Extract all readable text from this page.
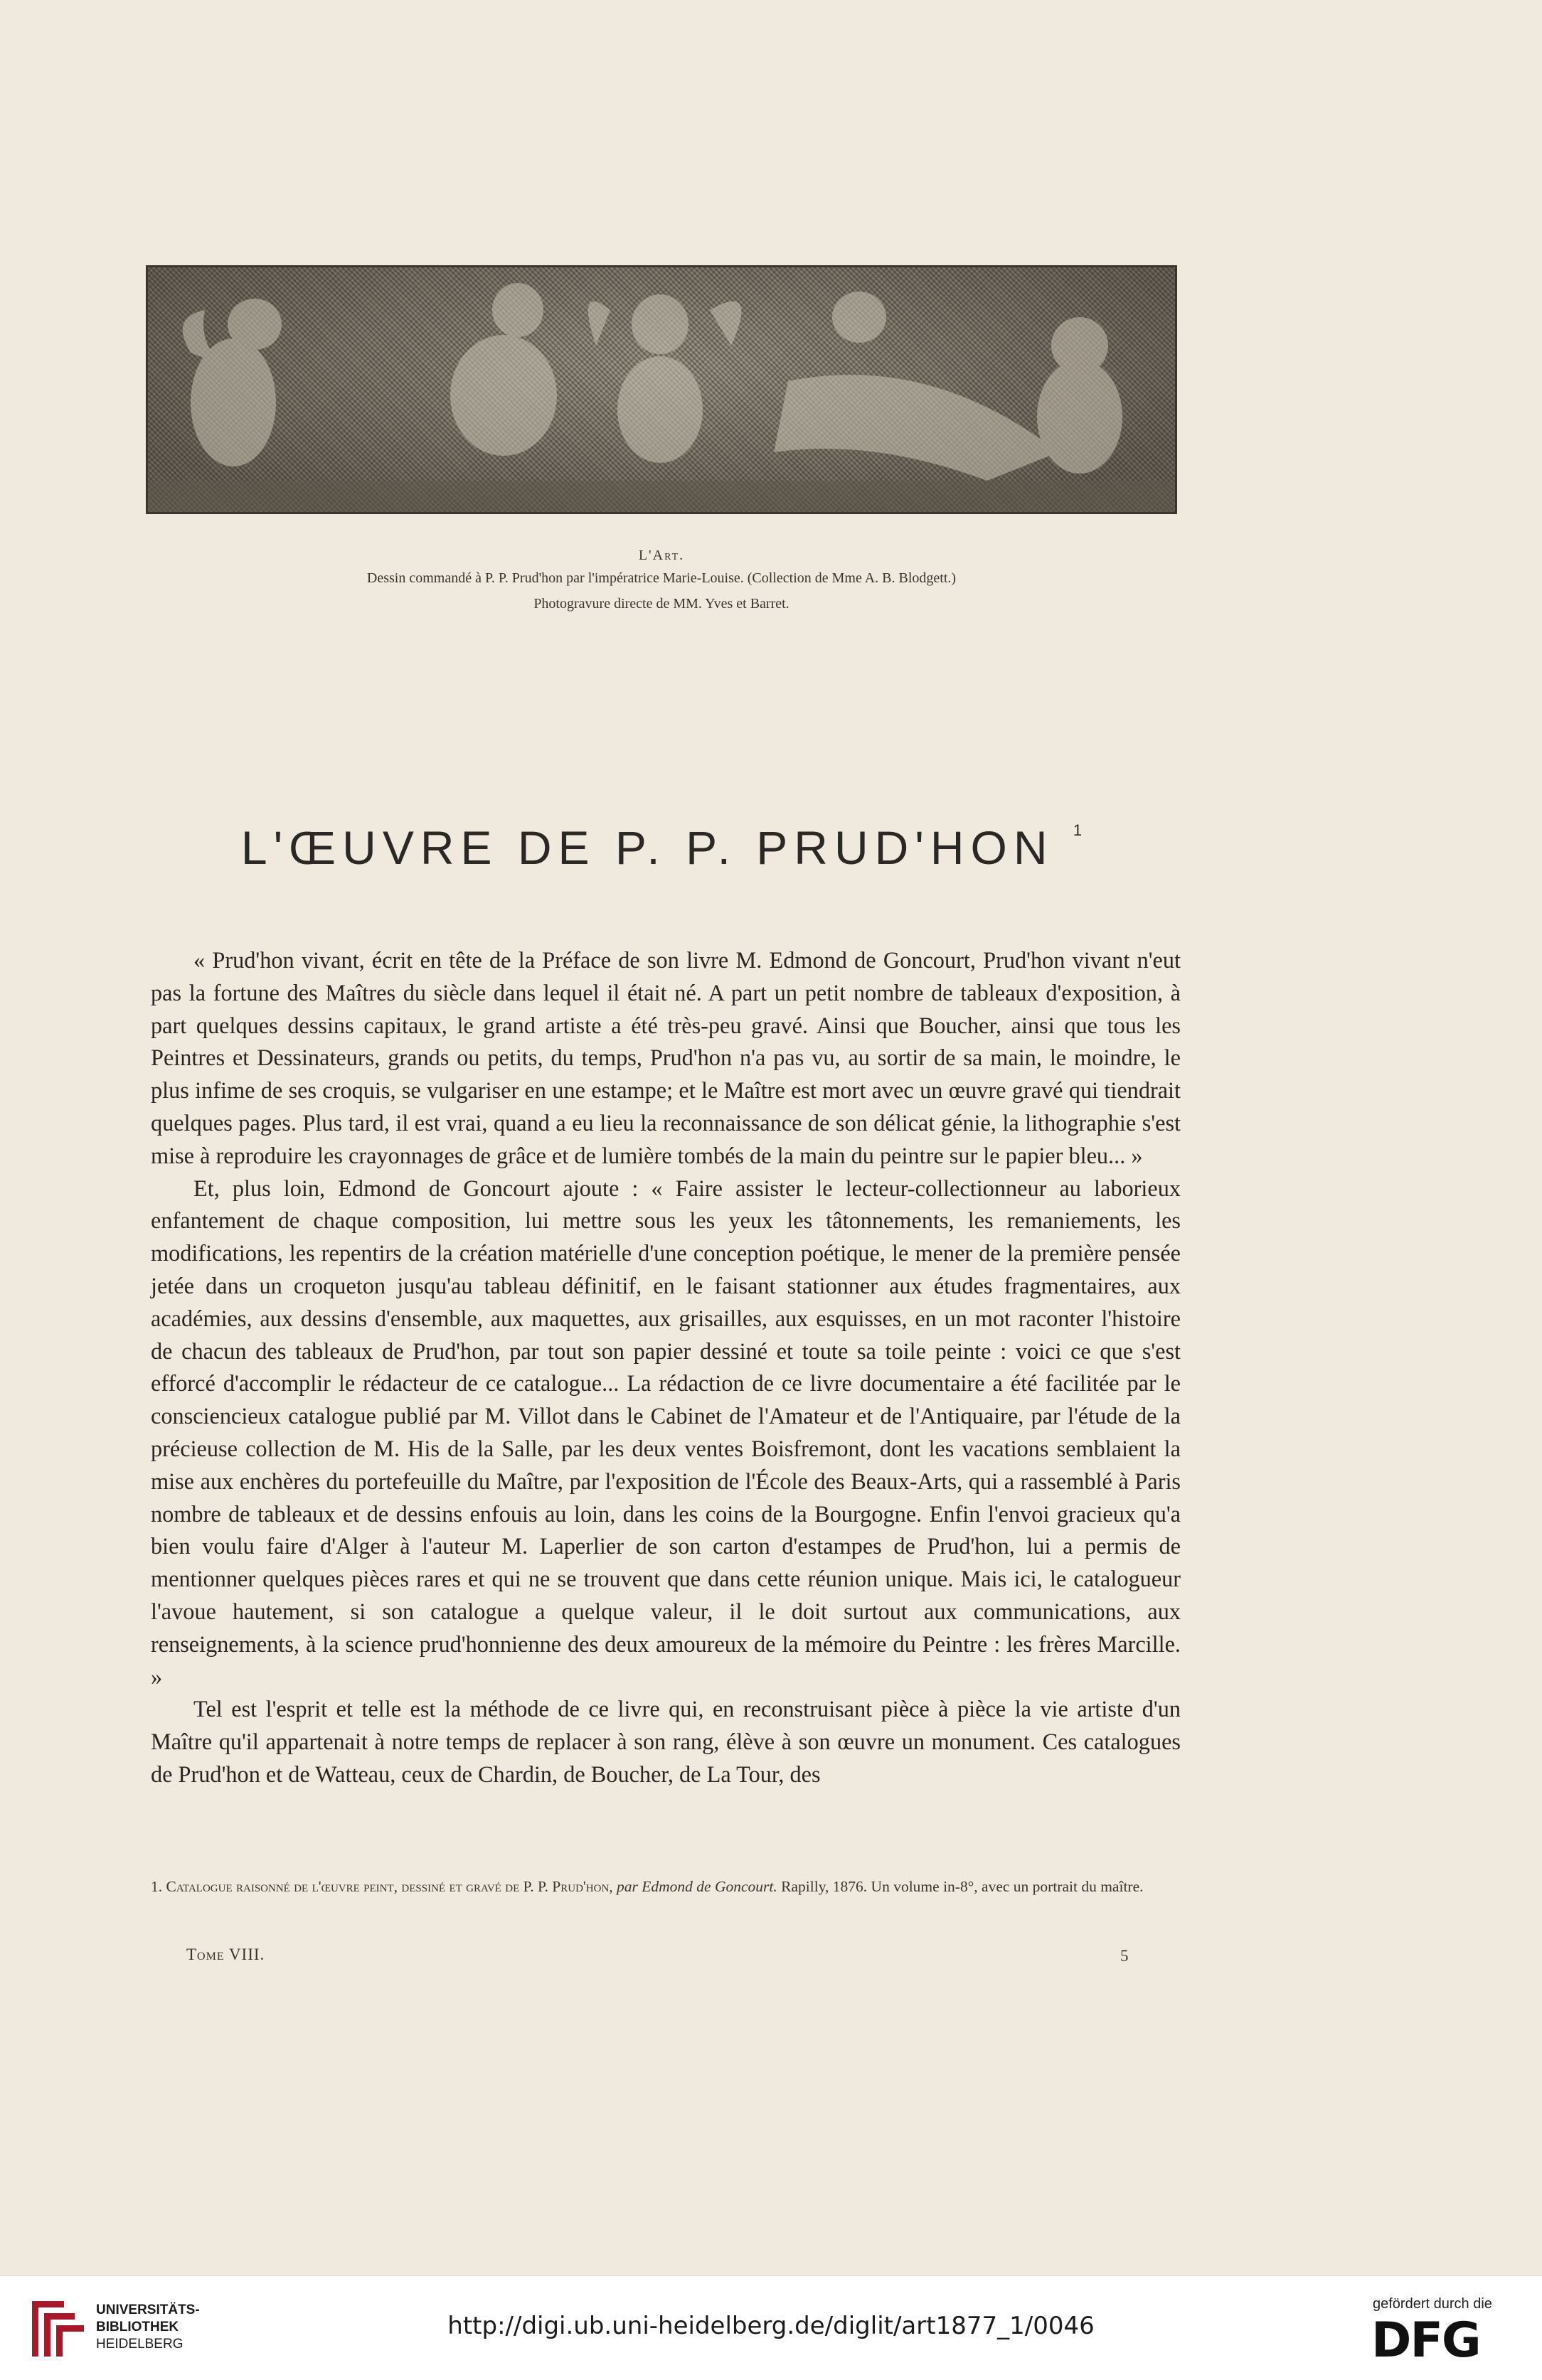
L'Art.
Dessin commandé à P. P. Prud'hon par l'impératrice Marie-Louise. (Collection de Mme A. B. Blodgett.)
Photogravure directe de MM. Yves et Barret.
L'ŒUVRE DE P. P. PRUD'HON $^1$

« Prud'hon vivant, écrit en tête de la Préface de son livre M. Edmond de Goncourt, Prud'hon vivant n'eut pas la fortune des Maîtres du siècle dans lequel il était né. A part un petit nombre de tableaux d'exposition, à part quelques dessins capitaux, le grand artiste a été très-peu gravé. Ainsi que Boucher, ainsi que tous les Peintres et Dessinateurs, grands ou petits, du temps, Prud'hon n'a pas vu, au sortir de sa main, le moindre, le plus infime de ses croquis, se vulgariser en une estampe; et le Maître est mort avec un œuvre gravé qui tiendrait quelques pages. Plus tard, il est vrai, quand a eu lieu la reconnaissance de son délicat génie, la lithographie s'est mise à reproduire les crayonnages de grâce et de lumière tombés de la main du peintre sur le papier bleu... »

Et, plus loin, Edmond de Goncourt ajoute : « Faire assister le lecteur-collectionneur au laborieux enfantement de chaque composition, lui mettre sous les yeux les tâtonnements, les remaniements, les modifications, les repentirs de la création matérielle d'une conception poétique, le mener de la première pensée jetée dans un croqueton jusqu'au tableau définitif, en le faisant stationner aux études fragmentaires, aux académies, aux dessins d'ensemble, aux maquettes, aux grisailles, aux esquisses, en un mot raconter l'histoire de chacun des tableaux de Prud'hon, par tout son papier dessiné et toute sa toile peinte : voici ce que s'est efforcé d'accomplir le rédacteur de ce catalogue... La rédaction de ce livre documentaire a été facilitée par le consciencieux catalogue publié par M. Villot dans le Cabinet de l'Amateur et de l'Antiquaire, par l'étude de la précieuse collection de M. His de la Salle, par les deux ventes Boisfremont, dont les vacations semblaient la mise aux enchères du portefeuille du Maître, par l'exposition de l'École des Beaux-Arts, qui a rassemblé à Paris nombre de tableaux et de dessins enfouis au loin, dans les coins de la Bourgogne. Enfin l'envoi gracieux qu'a bien voulu faire d'Alger à l'auteur M. Laperlier de son carton d'estampes de Prud'hon, lui a permis de mentionner quelques pièces rares et qui ne se trouvent que dans cette réunion unique. Mais ici, le catalogueur l'avoue hautement, si son catalogue a quelque valeur, il le doit surtout aux communications, aux renseignements, à la science prud'honnienne des deux amoureux de la mémoire du Peintre : les frères Marcille. »

Tel est l'esprit et telle est la méthode de ce livre qui, en reconstruisant pièce à pièce la vie artiste d'un Maître qu'il appartenait à notre temps de replacer à son rang, élève à son œuvre un monument. Ces catalogues de Prud'hon et de Watteau, ceux de Chardin, de Boucher, de La Tour, des

1. Catalogue raisonné de l'œuvre peint, dessiné et gravé de P. P. Prud'hon, par Edmond de Goncourt. Rapilly, 1876. Un volume in-8°, avec un portrait du maître.
Tome VIII.	5
UNIVERSITÄTS-
BIBLIOTHEK
HEIDELBERG
http://digi.ub.uni-heidelberg.de/diglit/art1877_1/0046
gefördert durch die
DFG
